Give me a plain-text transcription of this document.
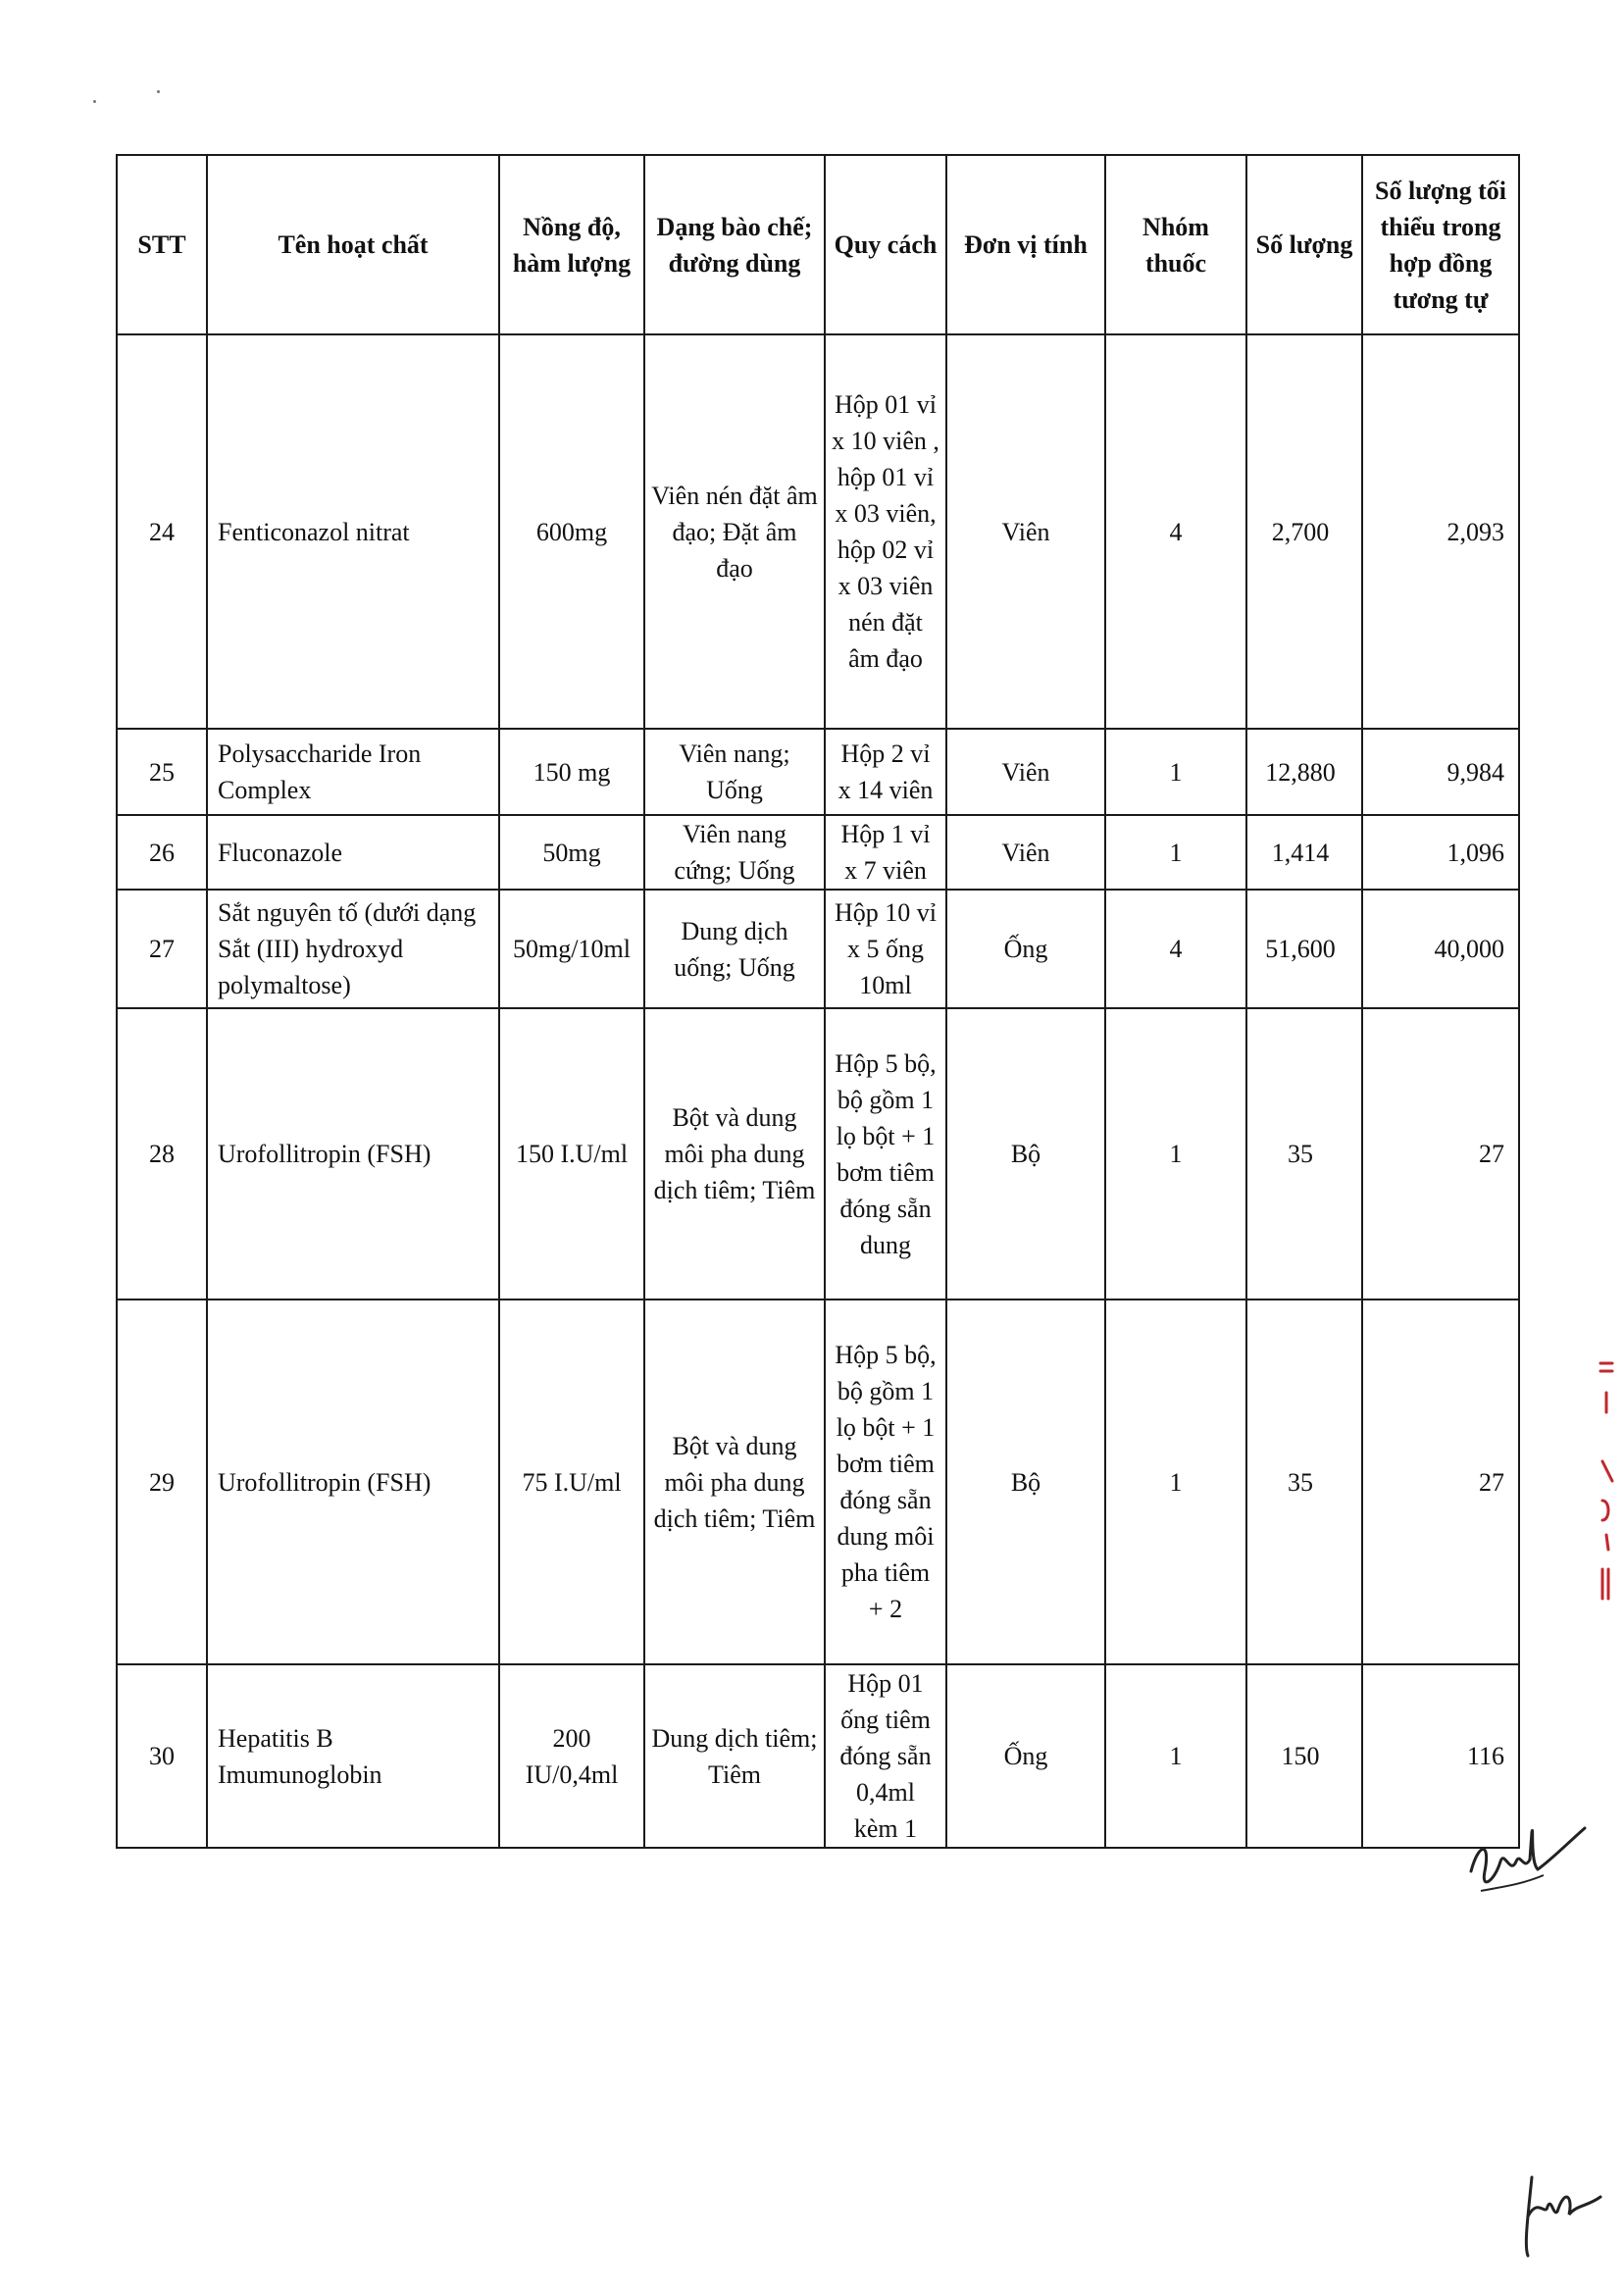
STT	Tên hoạt chất	Nồng độ, hàm lượng	Dạng bào chế; đường dùng	Quy cách	Đơn vị tính	Nhóm thuốc	Số lượng	Số lượng tối thiểu trong hợp đồng tương tự
24	Fenticonazol nitrat	600mg	Viên nén đặt âm đạo; Đặt âm đạo	Hộp 01 vỉ x 10 viên , hộp 01 vỉ x 03 viên, hộp 02 vỉ x 03 viên nén đặt âm đạo	Viên	4	2,700	2,093
25	Polysaccharide Iron Complex	150 mg	Viên nang; Uống	Hộp 2 vỉ x 14 viên	Viên	1	12,880	9,984
26	Fluconazole	50mg	Viên nang cứng; Uống	Hộp 1 vỉ x 7 viên	Viên	1	1,414	1,096
27	Sắt nguyên tố (dưới dạng Sắt (III) hydroxyd polymaltose)	50mg/10ml	Dung dịch uống; Uống	Hộp 10 vỉ x 5 ống 10ml	Ống	4	51,600	40,000
28	Urofollitropin (FSH)	150 I.U/ml	Bột và dung môi pha dung dịch tiêm; Tiêm	Hộp 5 bộ, bộ gồm 1 lọ bột + 1 bơm tiêm đóng sẵn dung	Bộ	1	35	27
29	Urofollitropin (FSH)	75 I.U/ml	Bột và dung môi pha dung dịch tiêm; Tiêm	Hộp 5 bộ, bộ gồm 1 lọ bột + 1 bơm tiêm đóng sẵn dung môi pha tiêm + 2	Bộ	1	35	27
30	Hepatitis B Imumunoglobin	200 IU/0,4ml	Dung dịch tiêm; Tiêm	Hộp 01 ống tiêm đóng sẵn 0,4ml kèm 1	Ống	1	150	116
